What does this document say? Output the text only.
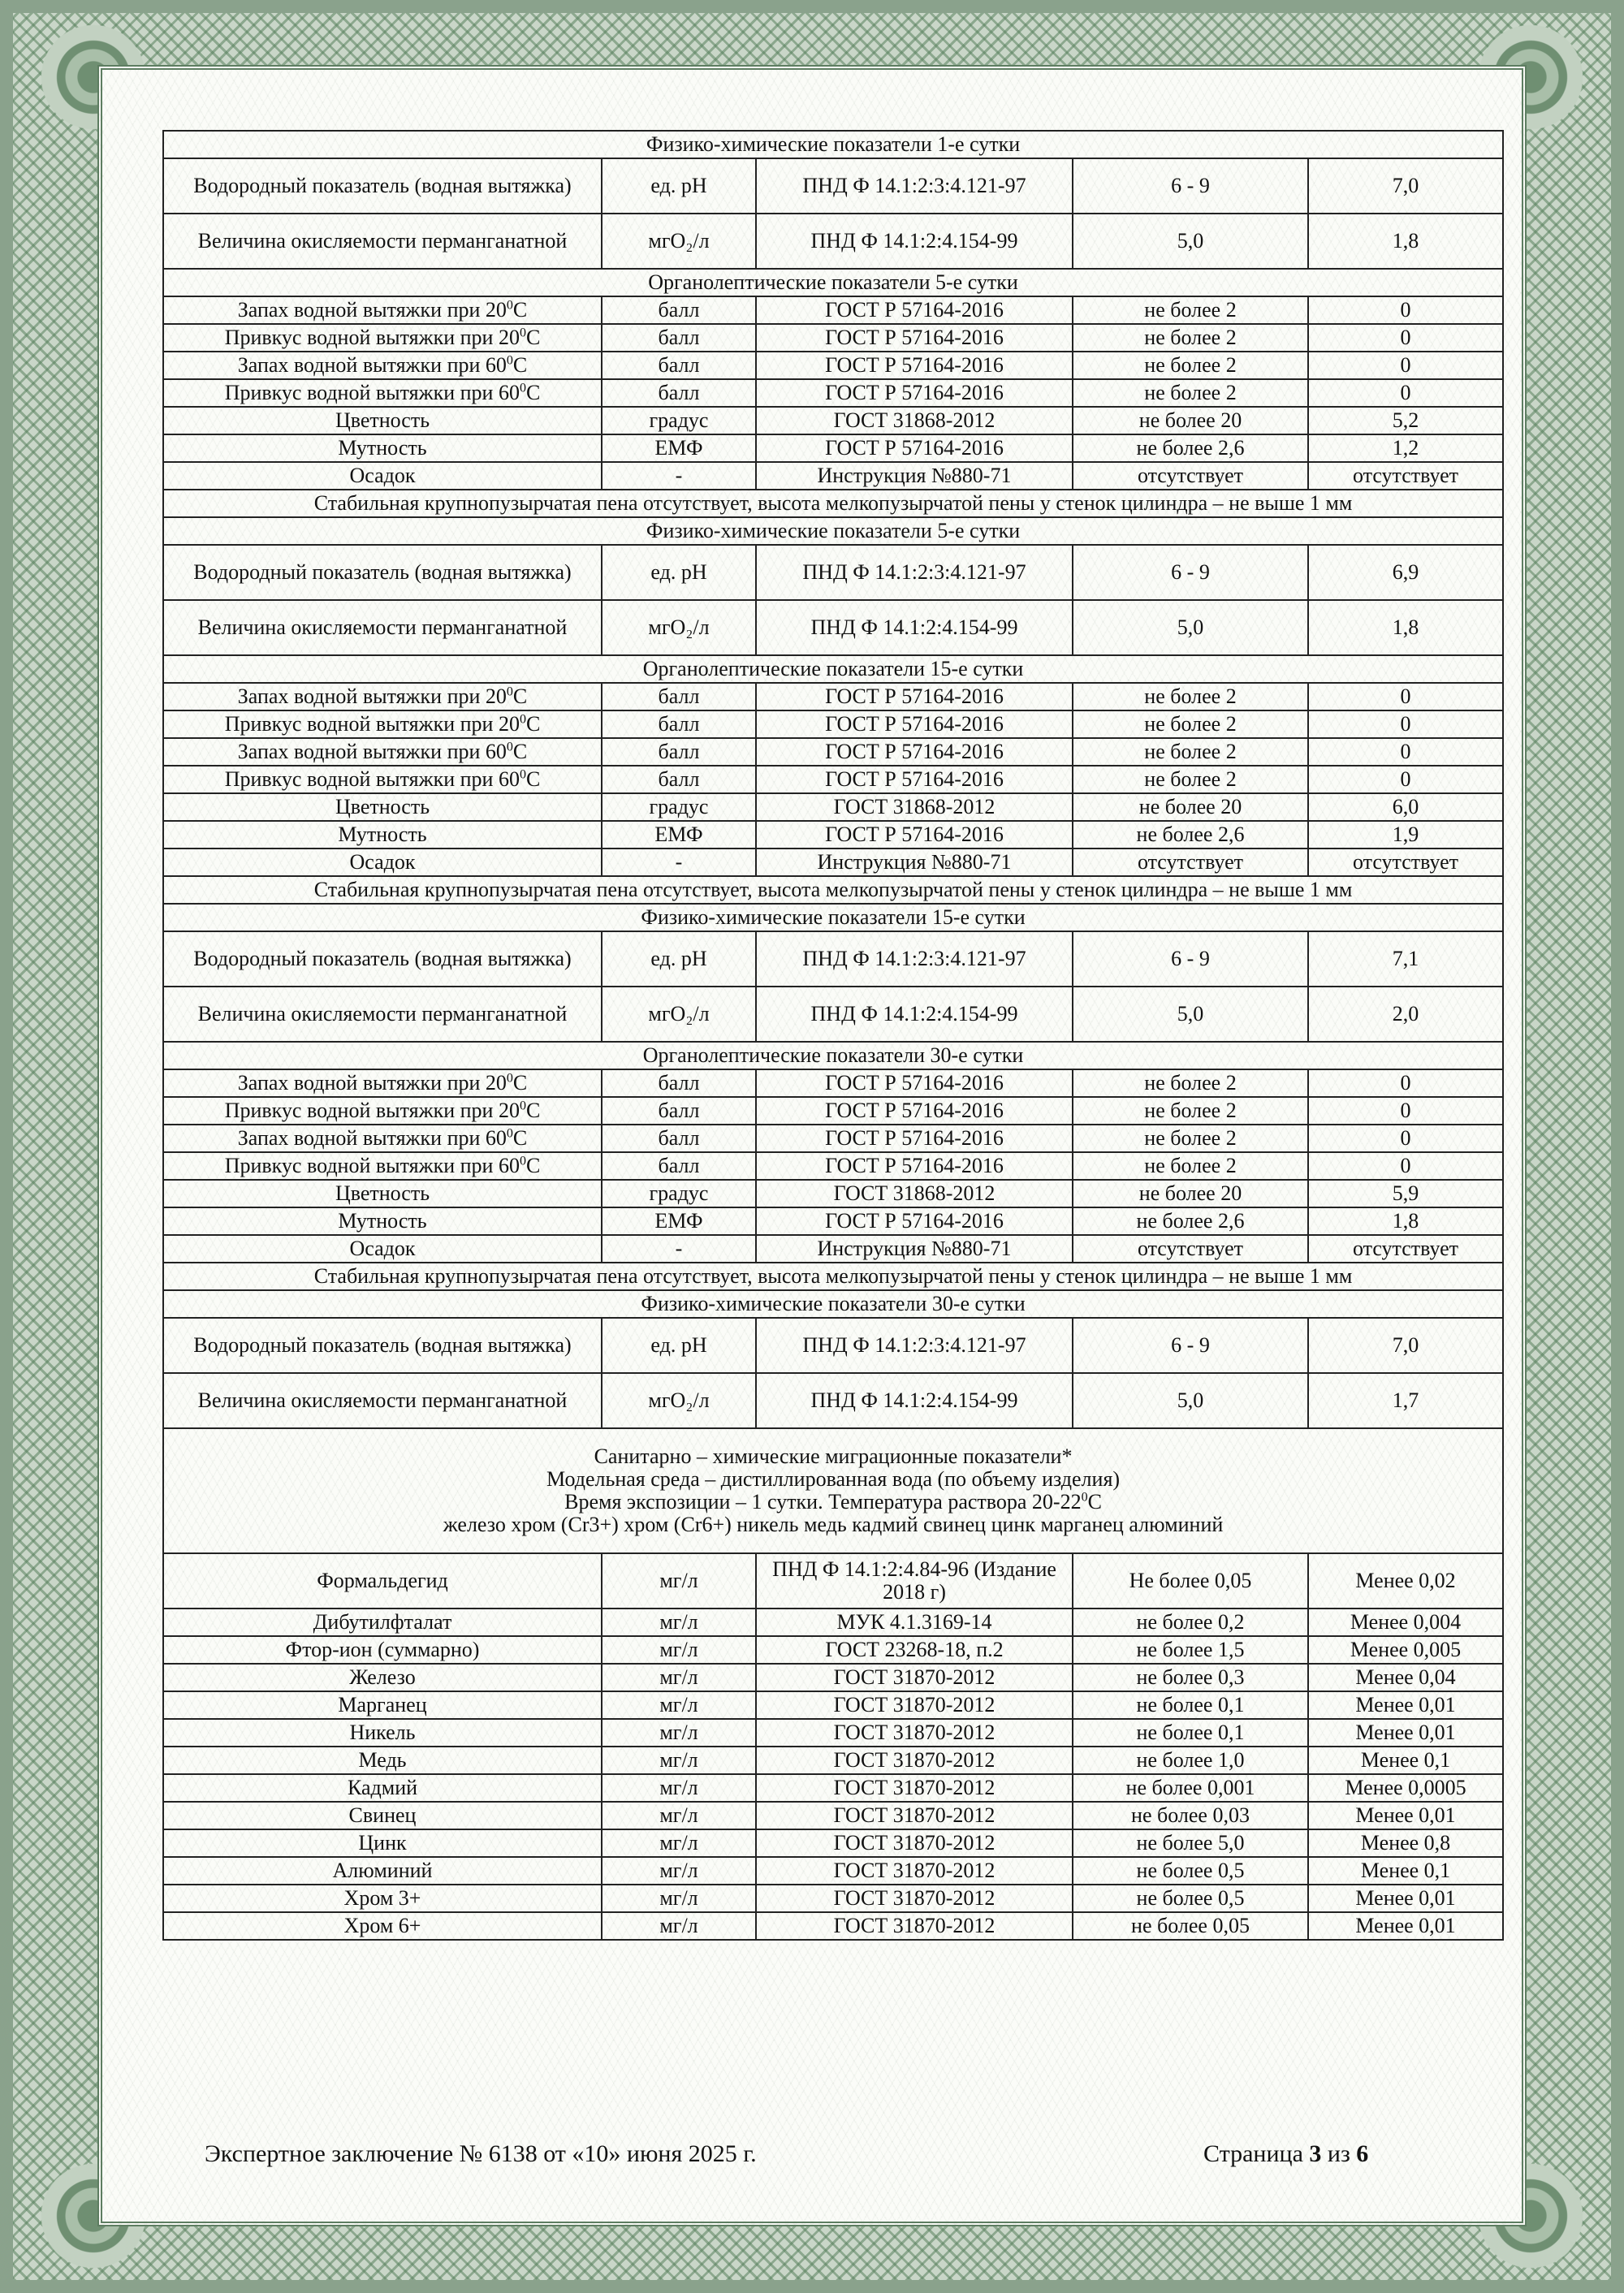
Физико-химические показатели 1-е сутки				
Водородный показатель (водная вытяжка)	ед. pH	ПНД Ф 14.1:2:3:4.121-97	6 - 9	7,0
Величина окисляемости перманганатной	мгО₂/л	ПНД Ф 14.1:2:4.154-99	5,0	1,8
Органолептические показатели 5-е сутки				
Запах водной вытяжки при $20^0С$	балл	ГОСТ Р 57164-2016	не более 2	0
Привкус водной вытяжки при $20^0С$	балл	ГОСТ Р 57164-2016	не более 2	0
Запах водной вытяжки при $60^0С$	балл	ГОСТ Р 57164-2016	не более 2	0
Привкус водной вытяжки при $60^0С$	балл	ГОСТ Р 57164-2016	не более 2	0
Цветность	градус	ГОСТ 31868-2012	не более 20	5,2
Мутность	ЕМФ	ГОСТ Р 57164-2016	не более 2,6	1,2
Осадок	-	Инструкция №880-71	отсутствует	отсутствует
Стабильная крупнопузырчатая пена отсутствует, высота мелкопузырчатой пены у стенок цилиндра – не выше 1 мм				
Физико-химические показатели 5-е сутки				
Водородный показатель (водная вытяжка)	ед. pH	ПНД Ф 14.1:2:3:4.121-97	6 - 9	6,9
Величина окисляемости перманганатной	мгО₂/л	ПНД Ф 14.1:2:4.154-99	5,0	1,8
Органолептические показатели 15-е сутки				
Запах водной вытяжки при $20^0С$	балл	ГОСТ Р 57164-2016	не более 2	0
Привкус водной вытяжки при $20^0С$	балл	ГОСТ Р 57164-2016	не более 2	0
Запах водной вытяжки при $60^0С$	балл	ГОСТ Р 57164-2016	не более 2	0
Привкус водной вытяжки при $60^0С$	балл	ГОСТ Р 57164-2016	не более 2	0
Цветность	градус	ГОСТ 31868-2012	не более 20	6,0
Мутность	ЕМФ	ГОСТ Р 57164-2016	не более 2,6	1,9
Осадок	-	Инструкция №880-71	отсутствует	отсутствует
Стабильная крупнопузырчатая пена отсутствует, высота мелкопузырчатой пены у стенок цилиндра – не выше 1 мм				
Физико-химические показатели 15-е сутки				
Водородный показатель (водная вытяжка)	ед. pH	ПНД Ф 14.1:2:3:4.121-97	6 - 9	7,1
Величина окисляемости перманганатной	мгО₂/л	ПНД Ф 14.1:2:4.154-99	5,0	2,0
Органолептические показатели 30-е сутки				
Запах водной вытяжки при $20^0С$	балл	ГОСТ Р 57164-2016	не более 2	0
Привкус водной вытяжки при $20^0С$	балл	ГОСТ Р 57164-2016	не более 2	0
Запах водной вытяжки при $60^0С$	балл	ГОСТ Р 57164-2016	не более 2	0
Привкус водной вытяжки при $60^0С$	балл	ГОСТ Р 57164-2016	не более 2	0
Цветность	градус	ГОСТ 31868-2012	не более 20	5,9
Мутность	ЕМФ	ГОСТ Р 57164-2016	не более 2,6	1,8
Осадок	-	Инструкция №880-71	отсутствует	отсутствует
Стабильная крупнопузырчатая пена отсутствует, высота мелкопузырчатой пены у стенок цилиндра – не выше 1 мм				
Физико-химические показатели 30-е сутки				
Водородный показатель (водная вытяжка)	ед. pH	ПНД Ф 14.1:2:3:4.121-97	6 - 9	7,0
Величина окисляемости перманганатной	мгО₂/л	ПНД Ф 14.1:2:4.154-99	5,0	1,7

Санитарно – химические миграционные показатели*
Модельная среда – дистиллированная вода (по объему изделия)
Время экспозиции – 1 сутки. Температура раствора $20-22^0С$
железо хром (Cr3+) хром (Cr6+) никель медь кадмий свинец цинк марганец алюминий				

Формальдегид	мг/л	ПНД Ф 14.1:2:4.84-96 (Издание 2018 г)	Не более 0,05	Менее 0,02
Дибутилфталат	мг/л	МУК 4.1.3169-14	не более 0,2	Менее 0,004
Фтор-ион (суммарно)	мг/л	ГОСТ 23268-18, п.2	не более 1,5	Менее 0,005
Железо	мг/л	ГОСТ 31870-2012	не более 0,3	Менее 0,04
Марганец	мг/л	ГОСТ 31870-2012	не более 0,1	Менее 0,01
Никель	мг/л	ГОСТ 31870-2012	не более 0,1	Менее 0,01
Медь	мг/л	ГОСТ 31870-2012	не более 1,0	Менее 0,1
Кадмий	мг/л	ГОСТ 31870-2012	не более 0,001	Менее 0,0005
Свинец	мг/л	ГОСТ 31870-2012	не более 0,03	Менее 0,01
Цинк	мг/л	ГОСТ 31870-2012	не более 5,0	Менее 0,8
Алюминий	мг/л	ГОСТ 31870-2012	не более 0,5	Менее 0,1
Хром 3+	мг/л	ГОСТ 31870-2012	не более 0,5	Менее 0,01
Хром 6+	мг/л	ГОСТ 31870-2012	не более 0,05	Менее 0,01
Экспертное заключение № 6138 от «10» июня 2025 г.	Страница 3 из 6
